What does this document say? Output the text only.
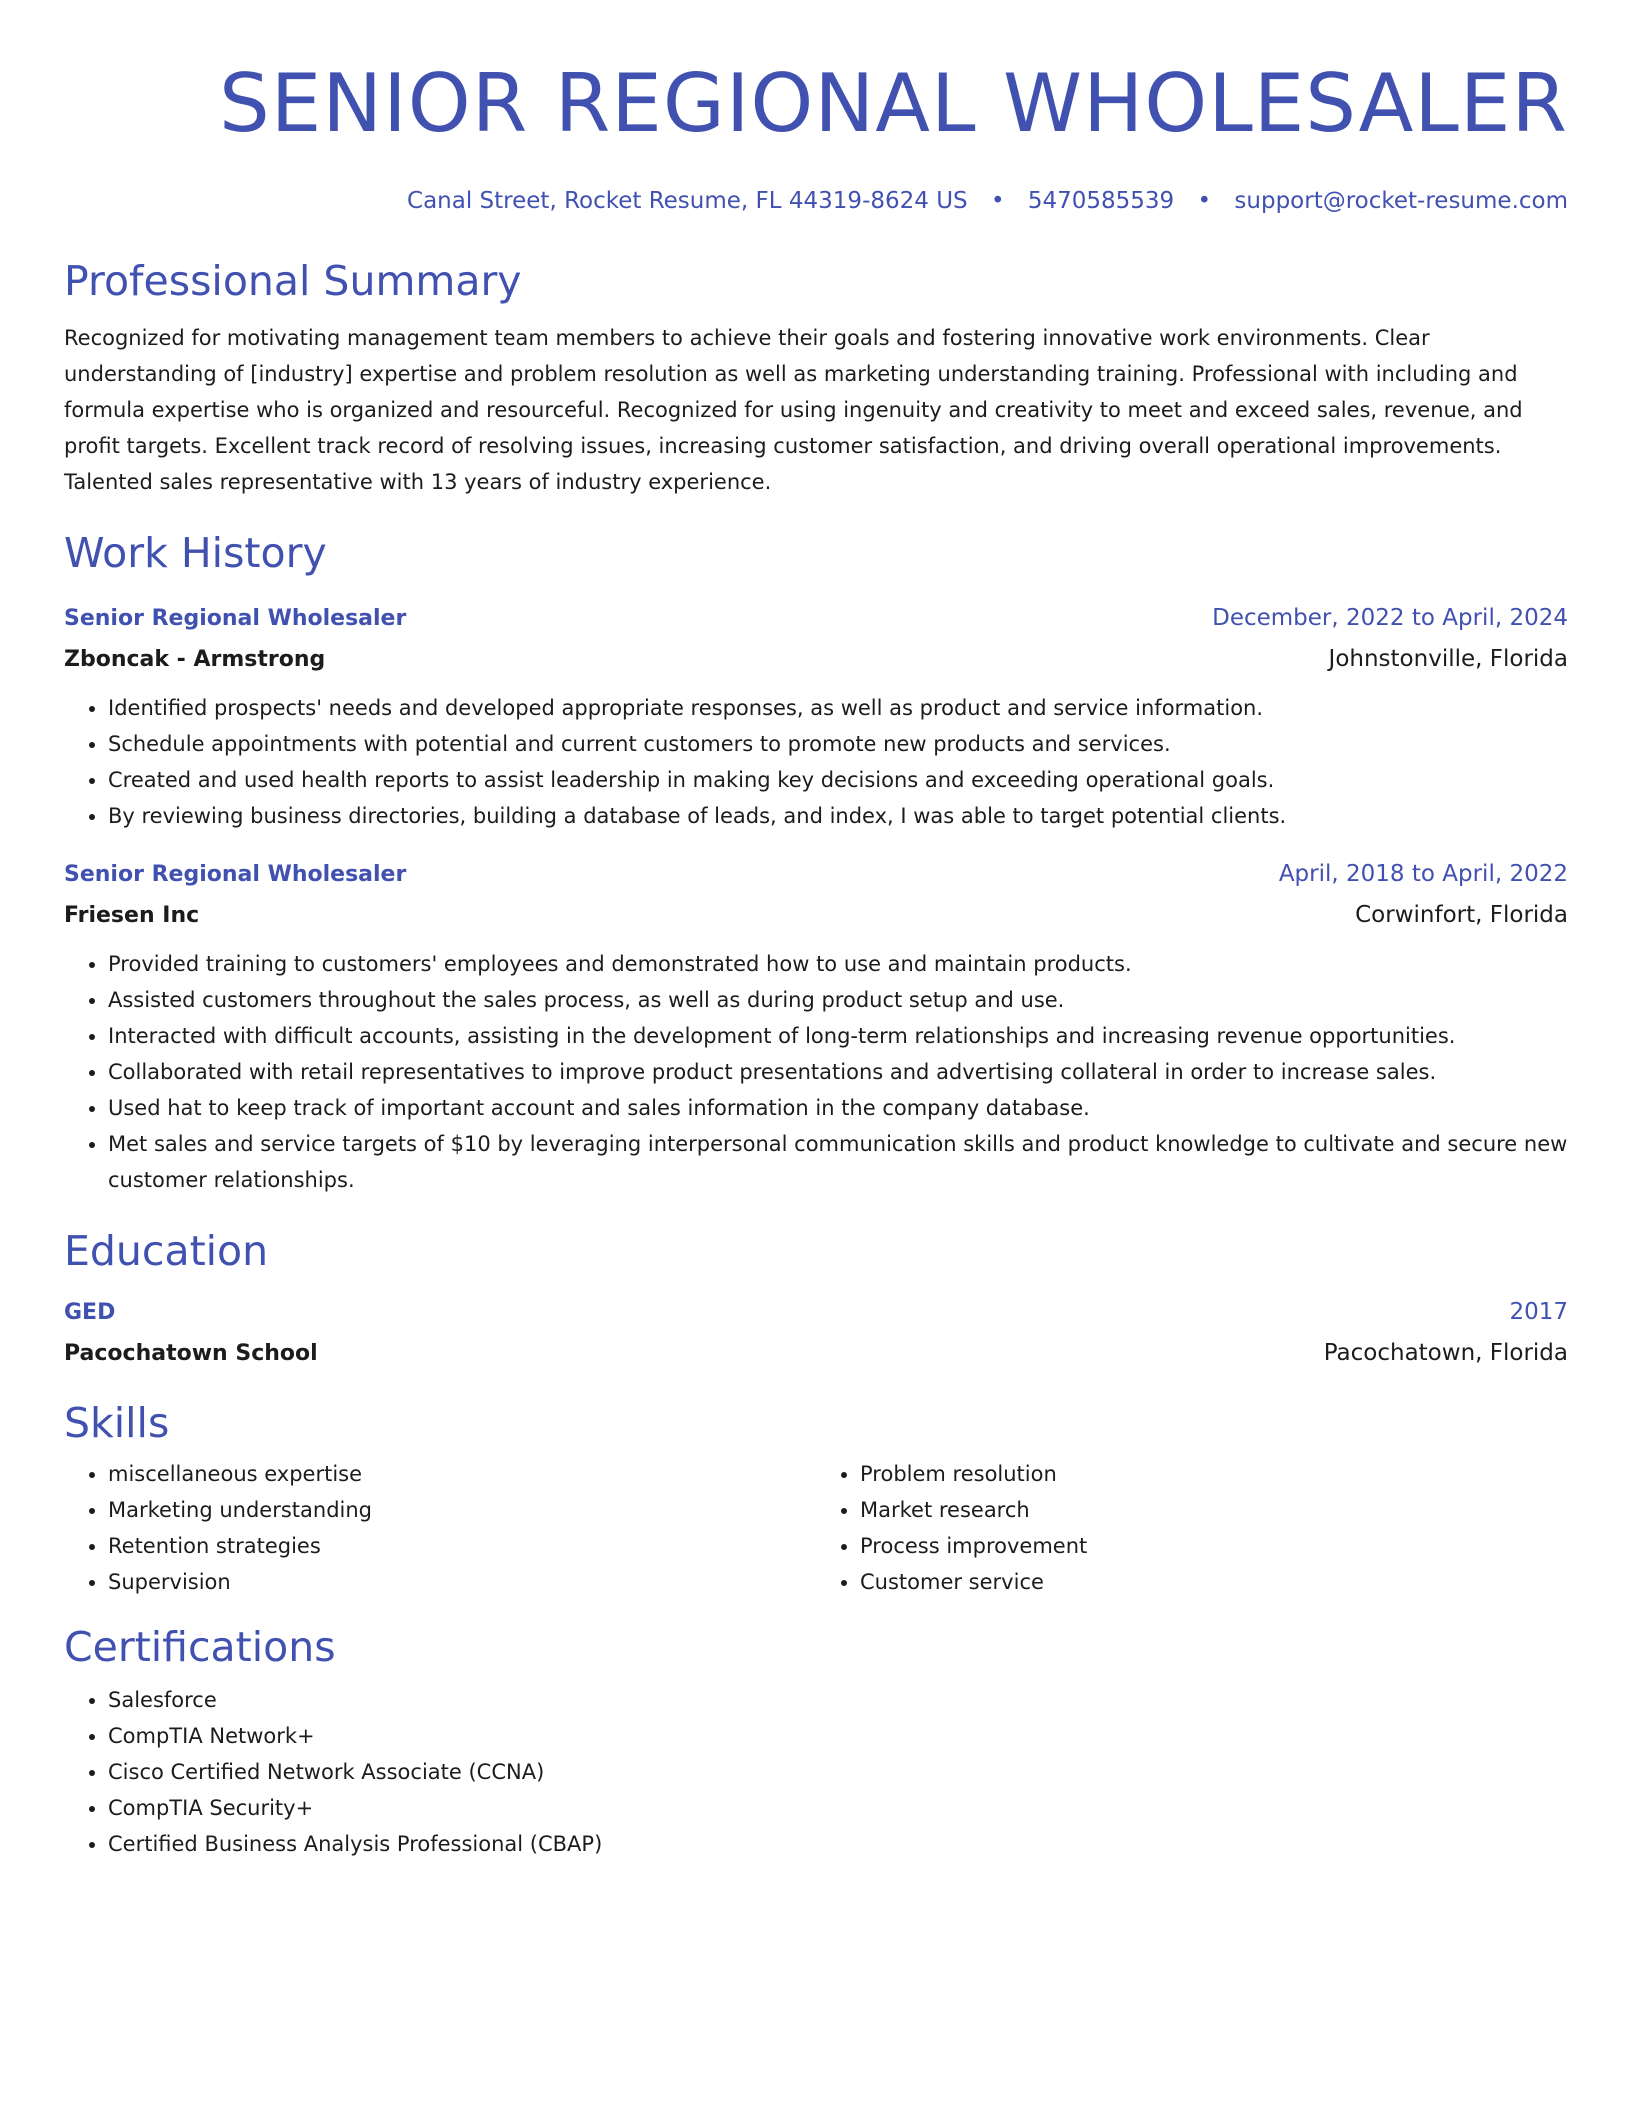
SENIOR REGIONAL WHOLESALER
Canal Street, Rocket Resume, FL 44319-8624 US • 5470585539 • support@rocket-resume.com
Professional Summary
Recognized for motivating management team members to achieve their goals and fostering innovative work environments. Clear understanding of [industry] expertise and problem resolution as well as marketing understanding training. Professional with including and formula expertise who is organized and resourceful. Recognized for using ingenuity and creativity to meet and exceed sales, revenue, and profit targets. Excellent track record of resolving issues, increasing customer satisfaction, and driving overall operational improvements. Talented sales representative with 13 years of industry experience.
Work History
Senior Regional Wholesaler	December, 2022 to April, 2024
Zboncak - Armstrong	Johnstonville, Florida
• Identified prospects' needs and developed appropriate responses, as well as product and service information.
• Schedule appointments with potential and current customers to promote new products and services.
• Created and used health reports to assist leadership in making key decisions and exceeding operational goals.
• By reviewing business directories, building a database of leads, and index, I was able to target potential clients.
Senior Regional Wholesaler	April, 2018 to April, 2022
Friesen Inc	Corwinfort, Florida
• Provided training to customers' employees and demonstrated how to use and maintain products.
• Assisted customers throughout the sales process, as well as during product setup and use.
• Interacted with difficult accounts, assisting in the development of long-term relationships and increasing revenue opportunities.
• Collaborated with retail representatives to improve product presentations and advertising collateral in order to increase sales.
• Used hat to keep track of important account and sales information in the company database.
• Met sales and service targets of $10 by leveraging interpersonal communication skills and product knowledge to cultivate and secure new customer relationships.
Education
GED	2017
Pacochatown School	Pacochatown, Florida
Skills
• miscellaneous expertise
• Marketing understanding
• Retention strategies
• Supervision
• Problem resolution
• Market research
• Process improvement
• Customer service
Certifications
• Salesforce
• CompTIA Network+
• Cisco Certified Network Associate (CCNA)
• CompTIA Security+
• Certified Business Analysis Professional (CBAP)
